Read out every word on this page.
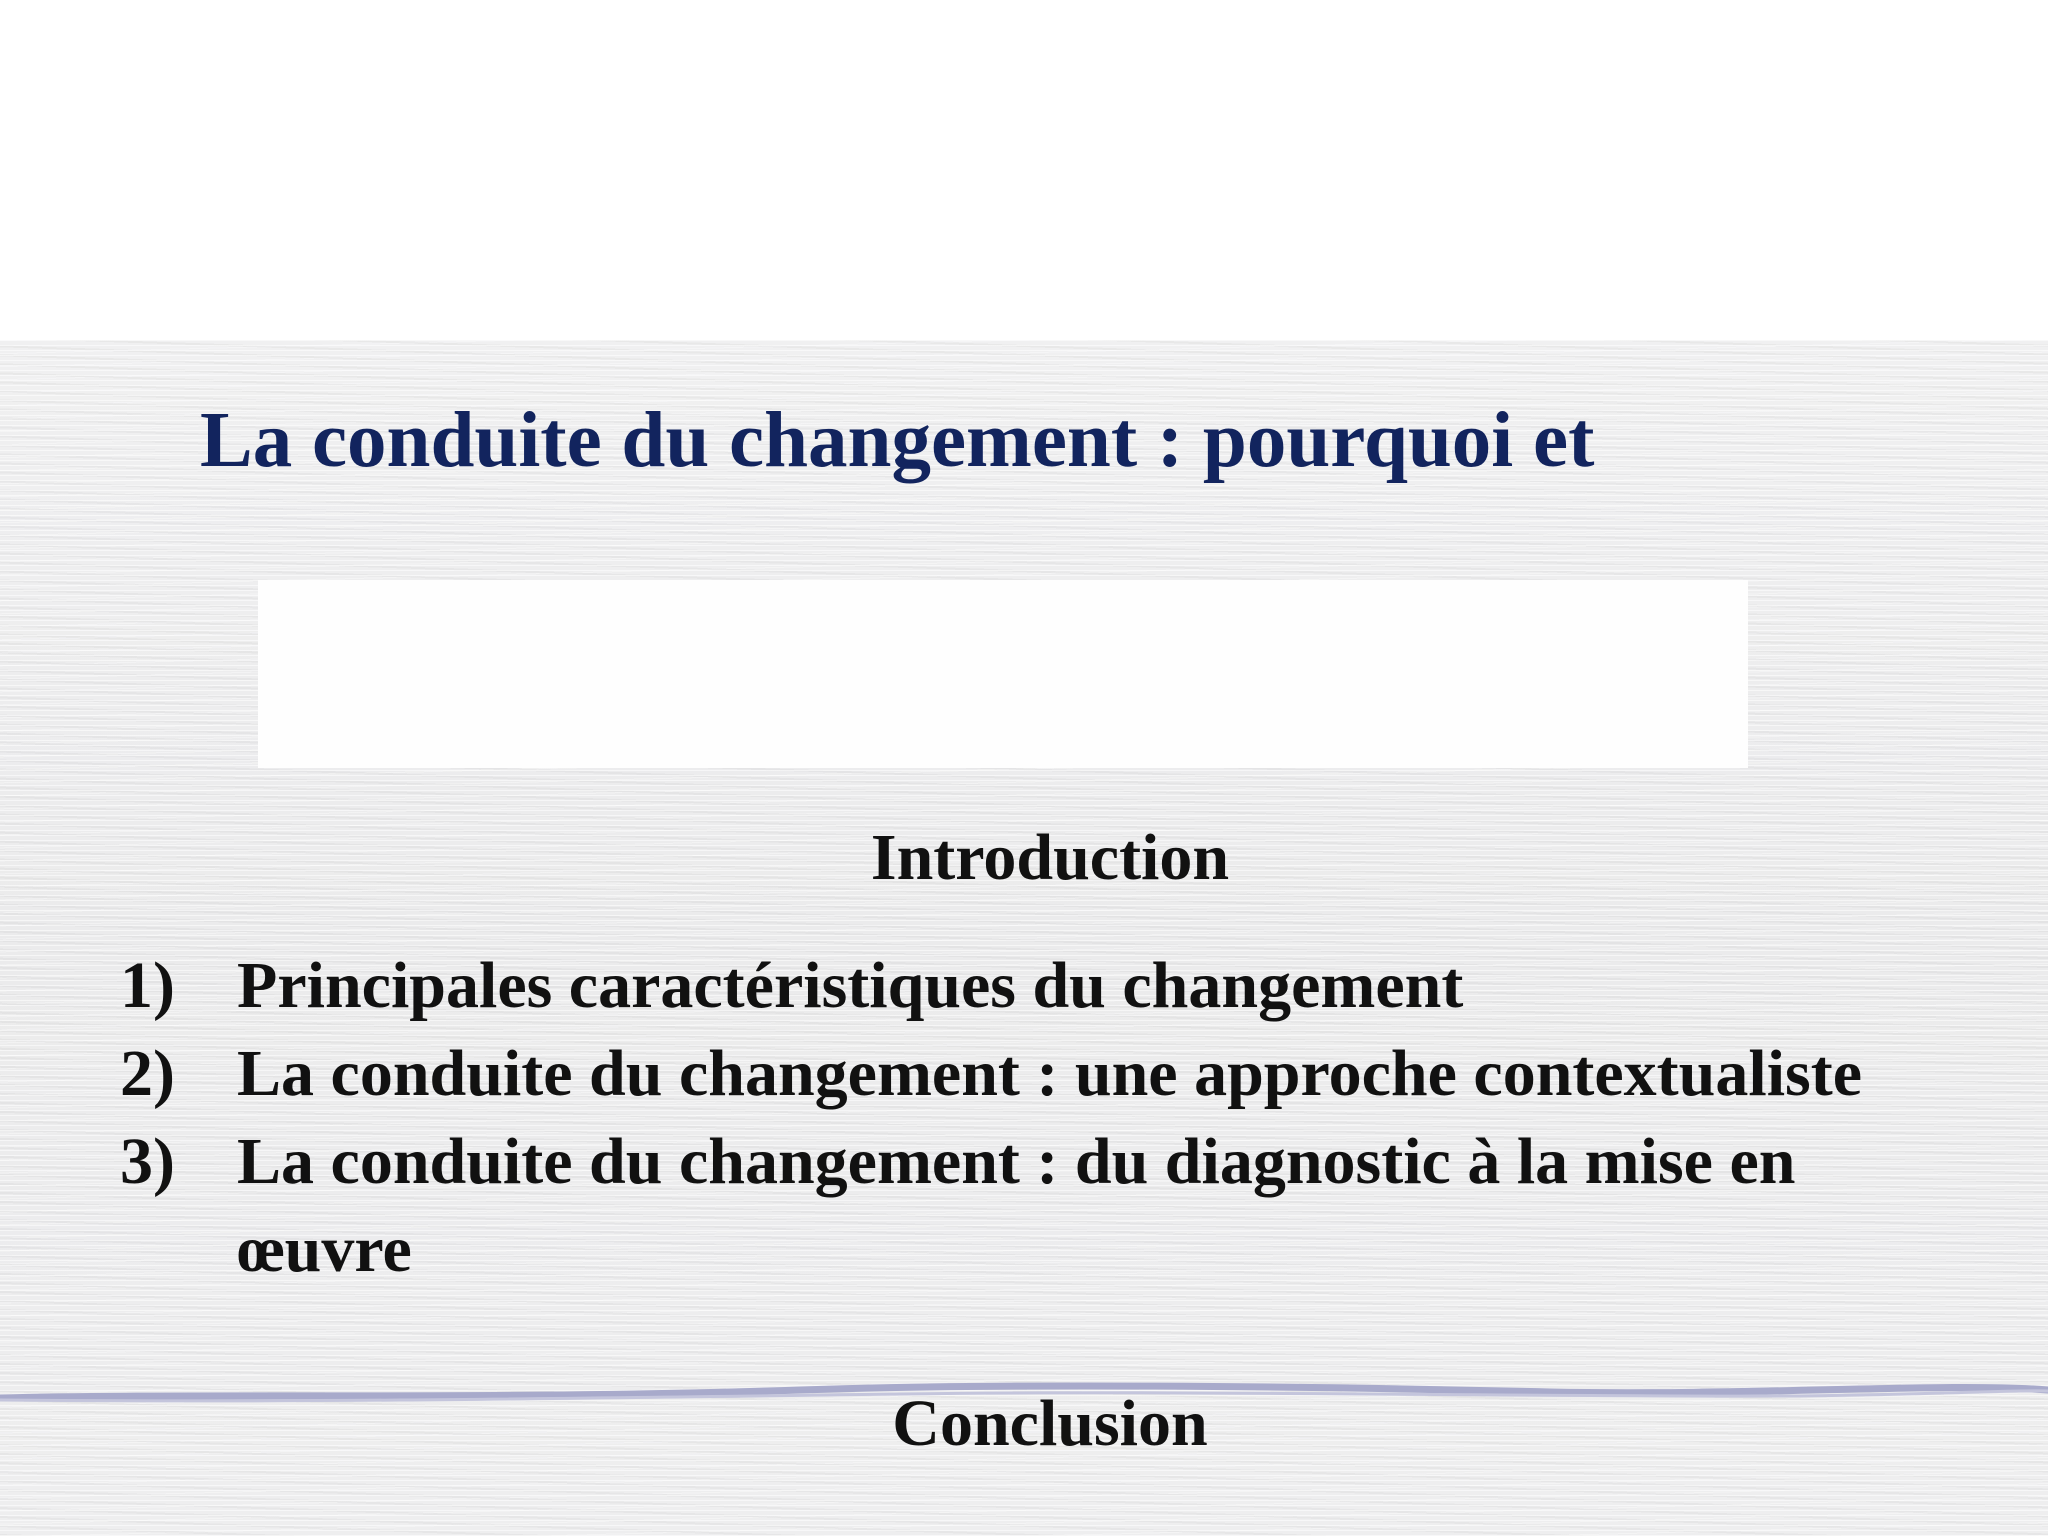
La conduite du changement : pourquoi et
Introduction
1) Principales caractéristiques du changement
2) La conduite du changement : une approche contextualiste
3) La conduite du changement : du diagnostic à la mise en œuvre
Conclusion
